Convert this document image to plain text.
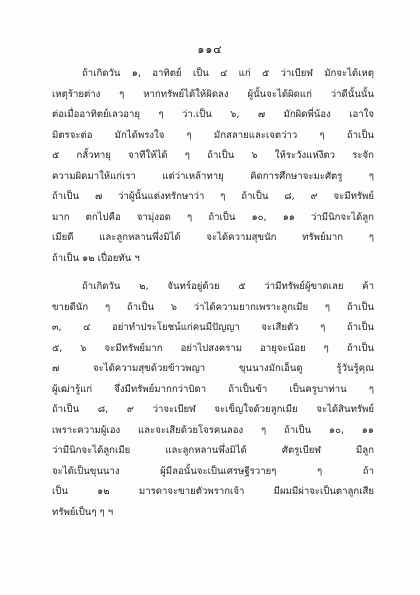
๑๑๔
ถ้าเกิดวัน ๑, อาทิตย์ เป็น ๔ แก่ ๕ ว่าเบียฬ มักจะได้เหตุ
เหตุร้ายต่าง ๆ หากทรัพย์ได้ให้ผิดลง ผู้นั้นจะได้ผิดแก่ ว่าดีนั้นนั้น
ต่อเมื่ออาทิตย์เลวอายุ ๆ ว่า.เป็น ๖, ๗ มักผิดพี่น้อง เอาใจ
มิตรจะต่อ มักได้พรงใจ ๆ มักสลายและเจตว่าว ๆ ถ้าเป็น
๕ กลั้วทายุ จาทีให้ได้ ๆ ถ้าเป็น ๖ ให้ระวังแห่งีตว ระจัก
ความผิดมาให้แก่เรา แต่ว่าเหล้าทายุ คิดการศึกษาจะมะศัตรู ๆ
ถ้าเป็น ๗ ว่าผู้นั้นแต่งทรักษาว่า ๆ ถ้าเป็น ๘, ๙ จะมีทรัพย์
มาก ตกไปคือ จามุ่งอด ๆ ถ้าเป็น ๑๐, ๑๑ ว่ามีนิกจะได้ลูก
เมียดี และลูกหลานพึ่งมิได้ จะได้ความสุขนัก ทรัพย์มาก ๆ
ถ้าเป็น ๑๒ เปื่อยทัน ฯ
ถ้าเกิดวัน ๒, จันทร์อยู่ด้วย ๕ ว่ามีทรัพย์ผู้ขาดเลย ค้า
ขายดีนัก ๆ ถ้าเป็น ๖ ว่าได้ความยากเพราะลูกเมีย ๆ ถ้าเป็น
๓, ๔ อย่าทำประโยชน์แก่คนมีปัญญา จะเสียตัว ๆ ถ้าเป็น
๕, ๖ จะมีทรัพย์มาก อย่าไปสงคราม อายุจะน้อย ๆ ถ้าเป็น
๗ จะได้ความสุขด้วยข้าวพญา ขุนนางมักเอ็นดู รู้วันรู้คุณ
ผู้เฒ่ารู้แก่ จึ่งมีทรัพย์มากกว่าบิดา ถ้าเป็นข้า เป็นครูบาท่าน ๆ
ถ้าเป็น ๘, ๙ ว่าจะเบียฬ จะเข็ญใจด้วยลูกเมีย จะได้สินทรัพย์
เพราะความผู้เอง และจะเสียด้วยโจรคนลอง ๆ ถ้าเป็น ๑๐, ๑๑
ว่ามีนิกจะได้ลูกเมีย และลูกหลานพึ่งมิได้ ศัตรูเบียฬ มีลูก
จะได้เป็นขุนนาง ผู้มีลอนั้นจะเป็นเศรษฐีรวายๆ ๆ ถ้า
เป็น ๑๒ มารดาจะขายตัวพรากเจ้า มีผมมีผ่าจะเป็นตาลูกเสีย
ทรัพย์เป็นๆ ๆ ฯ
